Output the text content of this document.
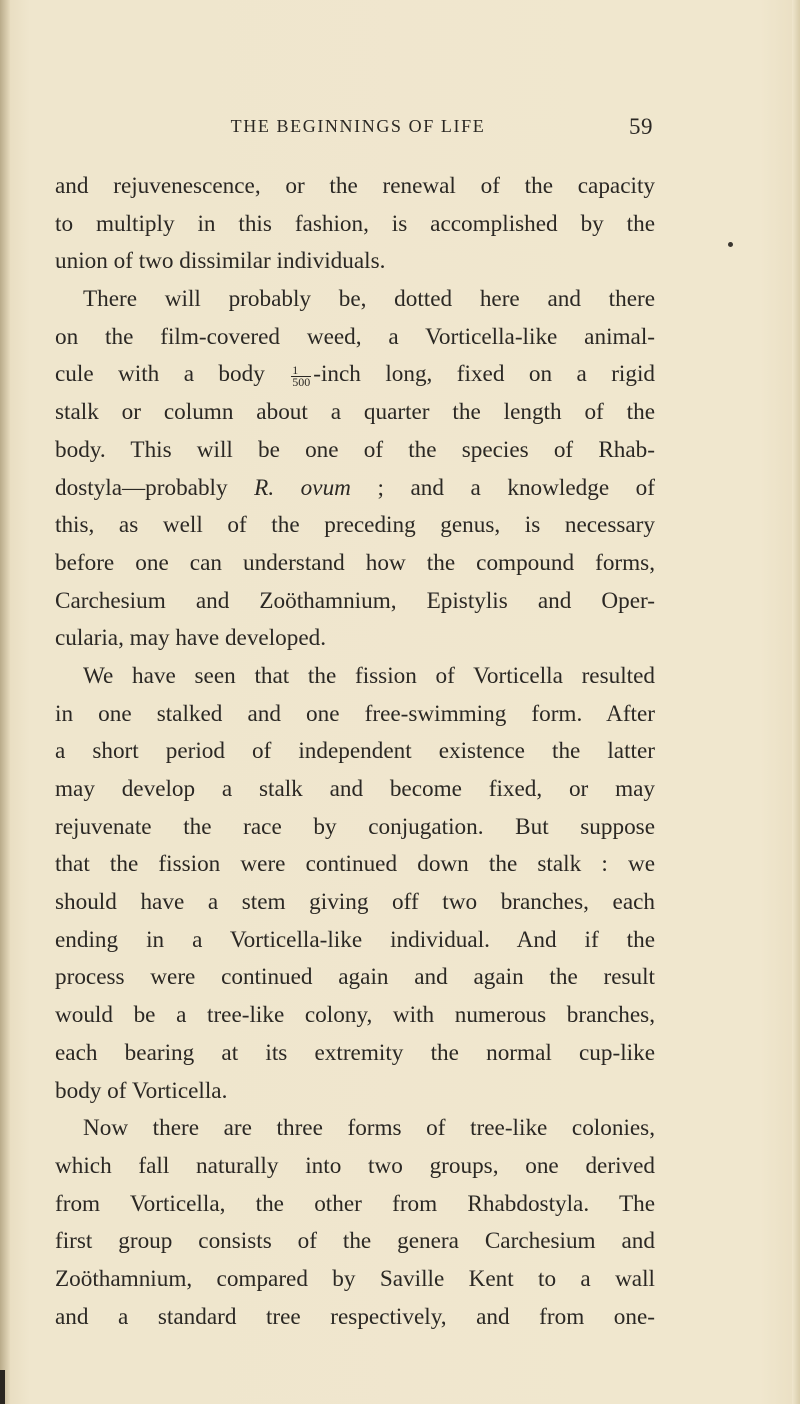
THE BEGINNINGS OF LIFE	59
and rejuvenescence, or the renewal of the capacity
to multiply in this fashion, is accomplished by the
union of two dissimilar individuals.
There will probably be, dotted here and there
on the film-covered weed, a Vorticella-like animal-
cule with a body $\frac{1}{500}$ -inch long, fixed on a rigid
stalk or column about a quarter the length of the
body. This will be one of the species of Rhab-
dostyla—probably R. ovum ; and a knowledge of
this, as well of the preceding genus, is necessary
before one can understand how the compound forms,
Carchesium and Zoöthamnium, Epistylis and Oper-
cularia, may have developed.
We have seen that the fission of Vorticella resulted
in one stalked and one free-swimming form. After
a short period of independent existence the latter
may develop a stalk and become fixed, or may
rejuvenate the race by conjugation. But suppose
that the fission were continued down the stalk : we
should have a stem giving off two branches, each
ending in a Vorticella-like individual. And if the
process were continued again and again the result
would be a tree-like colony, with numerous branches,
each bearing at its extremity the normal cup-like
body of Vorticella.
Now there are three forms of tree-like colonies,
which fall naturally into two groups, one derived
from Vorticella, the other from Rhabdostyla. The
first group consists of the genera Carchesium and
Zoöthamnium, compared by Saville Kent to a wall
and a standard tree respectively, and from one-
